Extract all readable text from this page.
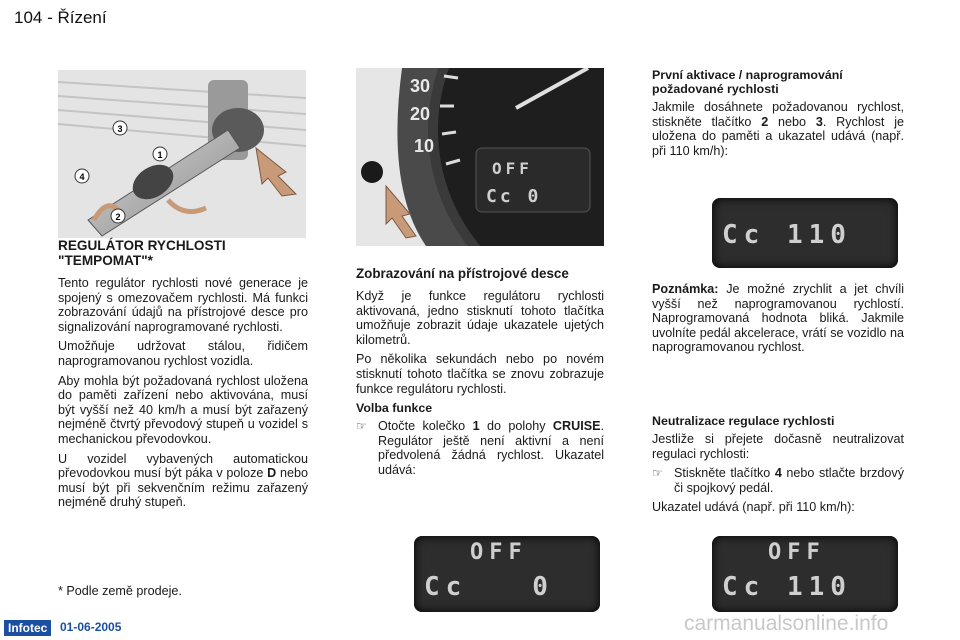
104 - Řízení
3
1
4
2
30
20
10
OFF
Cc 0
REGULÁTOR RYCHLOSTI "TEMPOMAT"*

Tento regulátor rychlosti nové generace je spojený s omezovačem rychlosti. Má funkci zobrazování údajů na přístrojové desce pro signalizování naprogramované rychlosti.

Umožňuje udržovat stálou, řidičem naprogramovanou rychlost vozidla.

Aby mohla být požadovaná rychlost uložena do paměti zařízení nebo aktivována, musí být vyšší než 40 km/h a musí být zařazený nejméně čtvrtý převodový stupeň u vozidel s mechanickou převodovkou.

U vozidel vybavených automatickou převodovkou musí být páka v poloze D nebo musí být při sekvenčním režimu zařazený nejméně druhý stupeň.

* Podle země prodeje.
Zobrazování na přístrojové desce

Když je funkce regulátoru rychlosti aktivovaná, jedno stisknutí tohoto tlačítka umožňuje zobrazit údaje ukazatele ujetých kilometrů.

Po několika sekundách nebo po novém stisknutí tohoto tlačítka se znovu zobrazuje funkce regulátoru rychlosti.

Volba funkce
☞ Otočte kolečko 1 do polohy CRUISE. Regulátor ještě není aktivní a není předvolená žádná rychlost. Ukazatel udává:
První aktivace / naprogramování požadované rychlosti

Jakmile dosáhnete požadovanou rychlost, stiskněte tlačítko 2 nebo 3. Rychlost je uložena do paměti a ukazatel udává (např. při 110 km/h):

Poznámka: Je možné zrychlit a jet chvíli vyšší než naprogramovanou rychlostí. Naprogramovaná hodnota bliká. Jakmile uvolníte pedál akcelerace, vrátí se vozidlo na naprogramovanou rychlost.

Neutralizace regulace rychlosti

Jestliže si přejete dočasně neutralizovat regulaci rychlosti:

☞ Stiskněte tlačítko 4 nebo stlačte brzdový či spojkový pedál.

Ukazatel udává (např. při 110 km/h):

Cc 110
OFF
Cc   0
OFF
Cc 110
Infotec	01-06-2005	carmanualsonline.info
